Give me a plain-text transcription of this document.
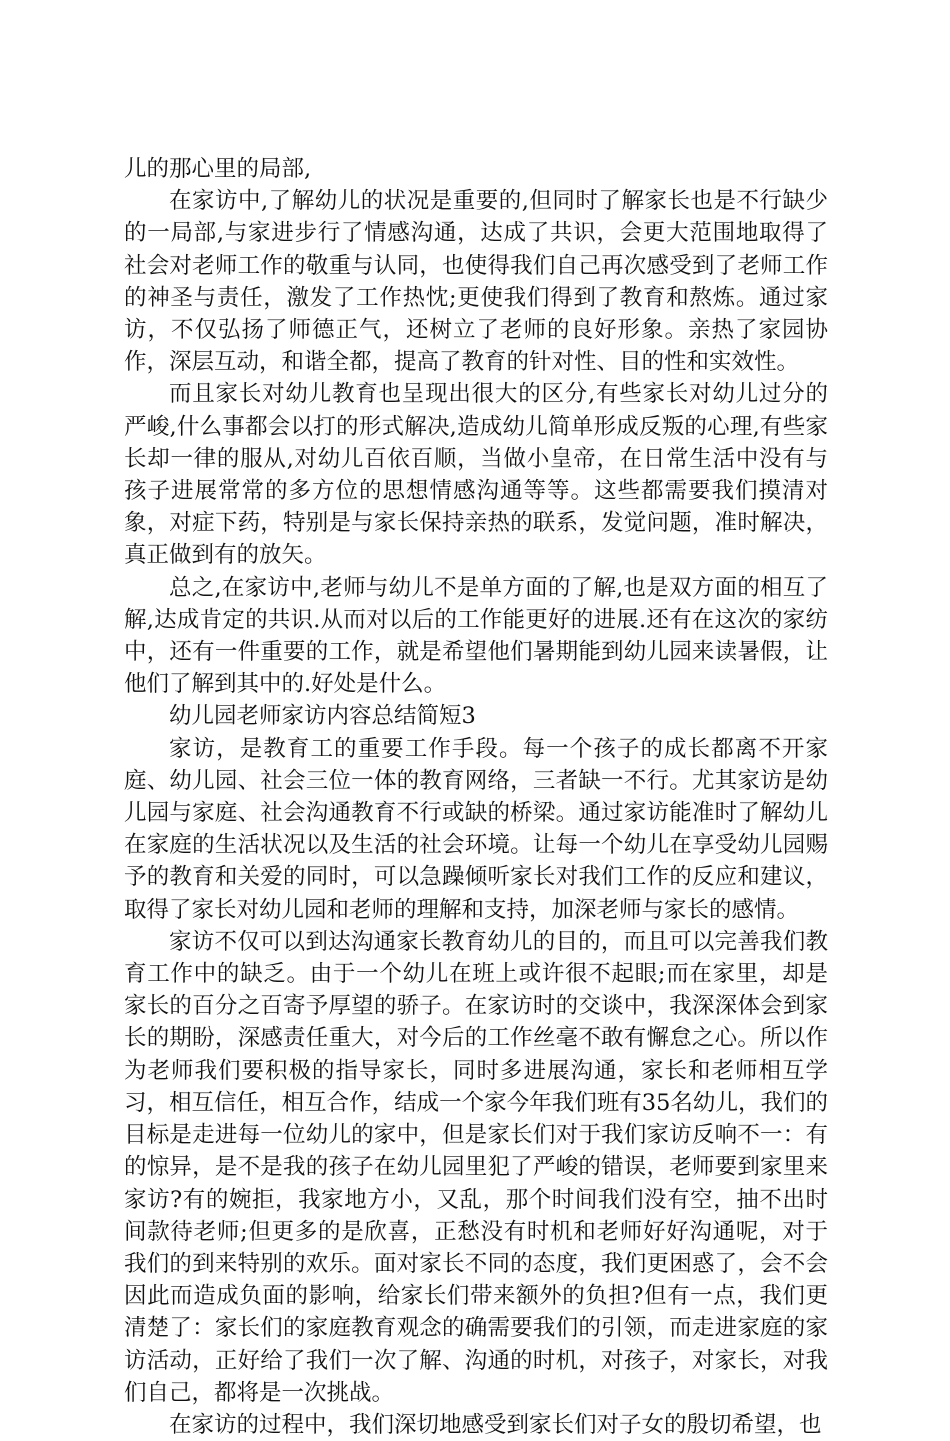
儿的那心里的局部,

在家访中,了解幼儿的状况是重要的,但同时了解家长也是不行缺少的一局部,与家进步行了情感沟通，达成了共识，会更大范围地取得了社会对老师工作的敬重与认同，也使得我们自己再次感受到了老师工作的神圣与责任，激发了工作热忱;更使我们得到了教育和熬炼。通过家访，不仅弘扬了师德正气，还树立了老师的良好形象。亲热了家园协作，深层互动，和谐全都，提高了教育的针对性、目的性和实效性。

而且家长对幼儿教育也呈现出很大的区分,有些家长对幼儿过分的严峻,什么事都会以打的形式解决,造成幼儿简单形成反叛的心理,有些家长却一律的服从,对幼儿百依百顺，当做小皇帝，在日常生活中没有与孩子进展常常的多方位的思想情感沟通等等。这些都需要我们摸清对象，对症下药，特别是与家长保持亲热的联系，发觉问题，准时解决，真正做到有的放矢。

总之,在家访中,老师与幼儿不是单方面的了解,也是双方面的相互了解,达成肯定的共识.从而对以后的工作能更好的进展.还有在这次的家纺中，还有一件重要的工作，就是希望他们暑期能到幼儿园来读暑假，让他们了解到其中的.好处是什么。

幼儿园老师家访内容总结简短3

家访，是教育工的重要工作手段。每一个孩子的成长都离不开家庭、幼儿园、社会三位一体的教育网络，三者缺一不行。尤其家访是幼儿园与家庭、社会沟通教育不行或缺的桥梁。通过家访能准时了解幼儿在家庭的生活状况以及生活的社会环境。让每一个幼儿在享受幼儿园赐予的教育和关爱的同时，可以急躁倾听家长对我们工作的反应和建议，取得了家长对幼儿园和老师的理解和支持，加深老师与家长的感情。

家访不仅可以到达沟通家长教育幼儿的目的，而且可以完善我们教育工作中的缺乏。由于一个幼儿在班上或许很不起眼;而在家里，却是家长的百分之百寄予厚望的骄子。在家访时的交谈中，我深深体会到家长的期盼，深感责任重大，对今后的工作丝毫不敢有懈怠之心。所以作为老师我们要积极的指导家长，同时多进展沟通，家长和老师相互学习，相互信任，相互合作，结成一个家今年我们班有35名幼儿，我们的目标是走进每一位幼儿的家中，但是家长们对于我们家访反响不一：有的惊异，是不是我的孩子在幼儿园里犯了严峻的错误，老师要到家里来家访?有的婉拒，我家地方小，又乱，那个时间我们没有空，抽不出时间款待老师;但更多的是欣喜，正愁没有时机和老师好好沟通呢，对于我们的到来特别的欢乐。面对家长不同的态度，我们更困惑了，会不会因此而造成负面的影响，给家长们带来额外的负担?但有一点，我们更清楚了：家长们的家庭教育观念的确需要我们的引领，而走进家庭的家访活动，正好给了我们一次了解、沟通的时机，对孩子，对家长，对我们自己，都将是一次挑战。

在家访的过程中，我们深切地感受到家长们对子女的殷切希望，也
